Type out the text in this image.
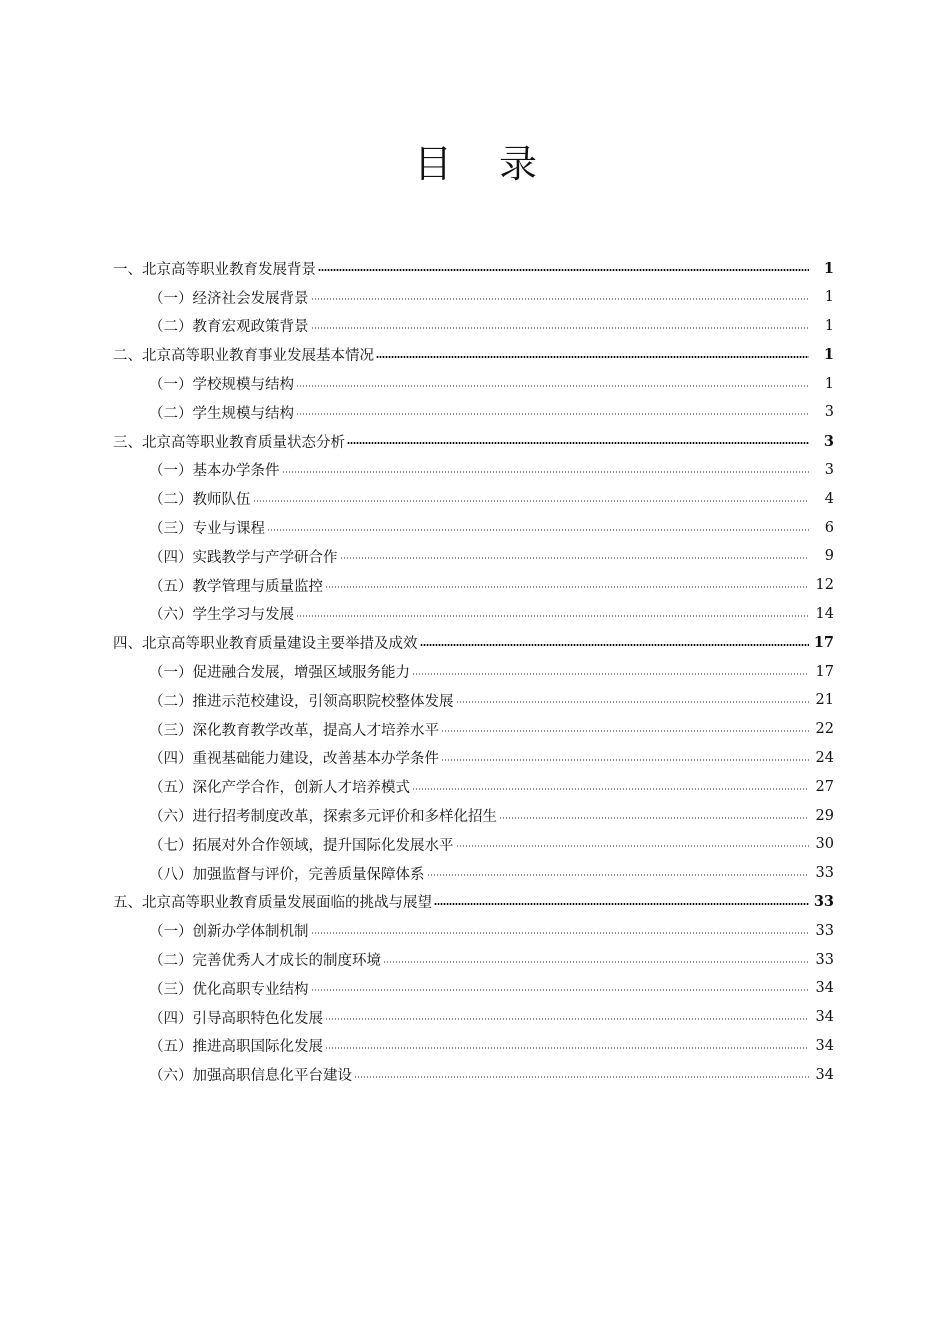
目 录
一、北京高等职业教育发展背景	1
（一）经济社会发展背景	1
（二）教育宏观政策背景	1
二、北京高等职业教育事业发展基本情况	1
（一）学校规模与结构	1
（二）学生规模与结构	3
三、北京高等职业教育质量状态分析	3
（一）基本办学条件	3
（二）教师队伍	4
（三）专业与课程	6
（四）实践教学与产学研合作	9
（五）教学管理与质量监控	12
（六）学生学习与发展	14
四、北京高等职业教育质量建设主要举措及成效	17
（一）促进融合发展，增强区域服务能力	17
（二）推进示范校建设，引领高职院校整体发展	21
（三）深化教育教学改革，提高人才培养水平	22
（四）重视基础能力建设，改善基本办学条件	24
（五）深化产学合作，创新人才培养模式	27
（六）进行招考制度改革，探索多元评价和多样化招生	29
（七）拓展对外合作领域，提升国际化发展水平	30
（八）加强监督与评价，完善质量保障体系	33
五、北京高等职业教育质量发展面临的挑战与展望	33
（一）创新办学体制机制	33
（二）完善优秀人才成长的制度环境	33
（三）优化高职专业结构	34
（四）引导高职特色化发展	34
（五）推进高职国际化发展	34
（六）加强高职信息化平台建设	34
